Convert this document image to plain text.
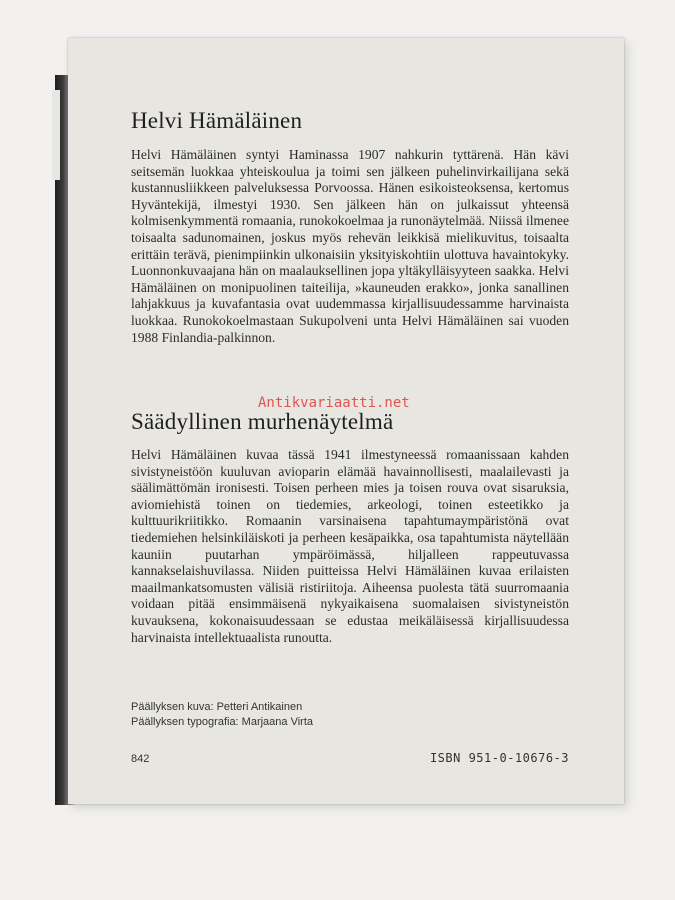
Helvi Hämäläinen

Helvi Hämäläinen syntyi Haminassa 1907 nahkurin tyttärenä. Hän kävi seitsemän luokkaa yhteiskoulua ja toimi sen jälkeen puhelinvirkailijana sekä kustannusliikkeen palveluksessa Porvoossa. Hänen esikoisteoksensa, kertomus Hyväntekijä, ilmestyi 1930. Sen jälkeen hän on julkaissut yhteensä kolmisenkymmentä romaania, runokokoelmaa ja runonäytelmää. Niissä ilmenee toisaalta sadunomainen, joskus myös rehevän leikkisä mielikuvitus, toisaalta erittäin terävä, pienimpiinkin ulkonaisiin yksityiskohtiin ulottuva havaintokyky. Luonnonkuvaajana hän on maalauksellinen jopa yltäkylläisyyteen saakka. Helvi Hämäläinen on monipuolinen taiteilija, »kauneuden erakko», jonka sanallinen lahjakkuus ja kuvafantasia ovat uudemmassa kirjallisuudessamme harvinaista luokkaa. Runokokoelmastaan Sukupolveni unta Helvi Hämäläinen sai vuoden 1988 Finlandia-palkinnon.

Antikvariaatti.net
Säädyllinen murhenäytelmä

Helvi Hämäläinen kuvaa tässä 1941 ilmestyneessä romaanissaan kahden sivistyneistöön kuuluvan avioparin elämää havainnollisesti, maalailevasti ja säälimättömän ironisesti. Toisen perheen mies ja toisen rouva ovat sisaruksia, aviomiehistä toinen on tiedemies, arkeologi, toinen esteetikko ja kulttuurikriitikko. Romaanin varsinaisena tapahtumaympäristönä ovat tiedemiehen helsinkiläiskoti ja perheen kesäpaikka, osa tapahtumista näytellään kauniin puutarhan ympäröimässä, hiljalleen rappeutuvassa kannakselaishuvilassa. Niiden puitteissa Helvi Hämäläinen kuvaa erilaisten maailmankatsomusten välisiä ristiriitoja. Aiheensa puolesta tätä suurromaania voidaan pitää ensimmäisenä nykyaikaisena suomalaisen sivistyneistön kuvauksena, kokonaisuudessaan se edustaa meikäläisessä kirjallisuudessa harvinaista intellektuaalista runoutta.

Päällyksen kuva: Petteri Antikainen
Päällyksen typografia: Marjaana Virta
842	ISBN 951-0-10676-3
